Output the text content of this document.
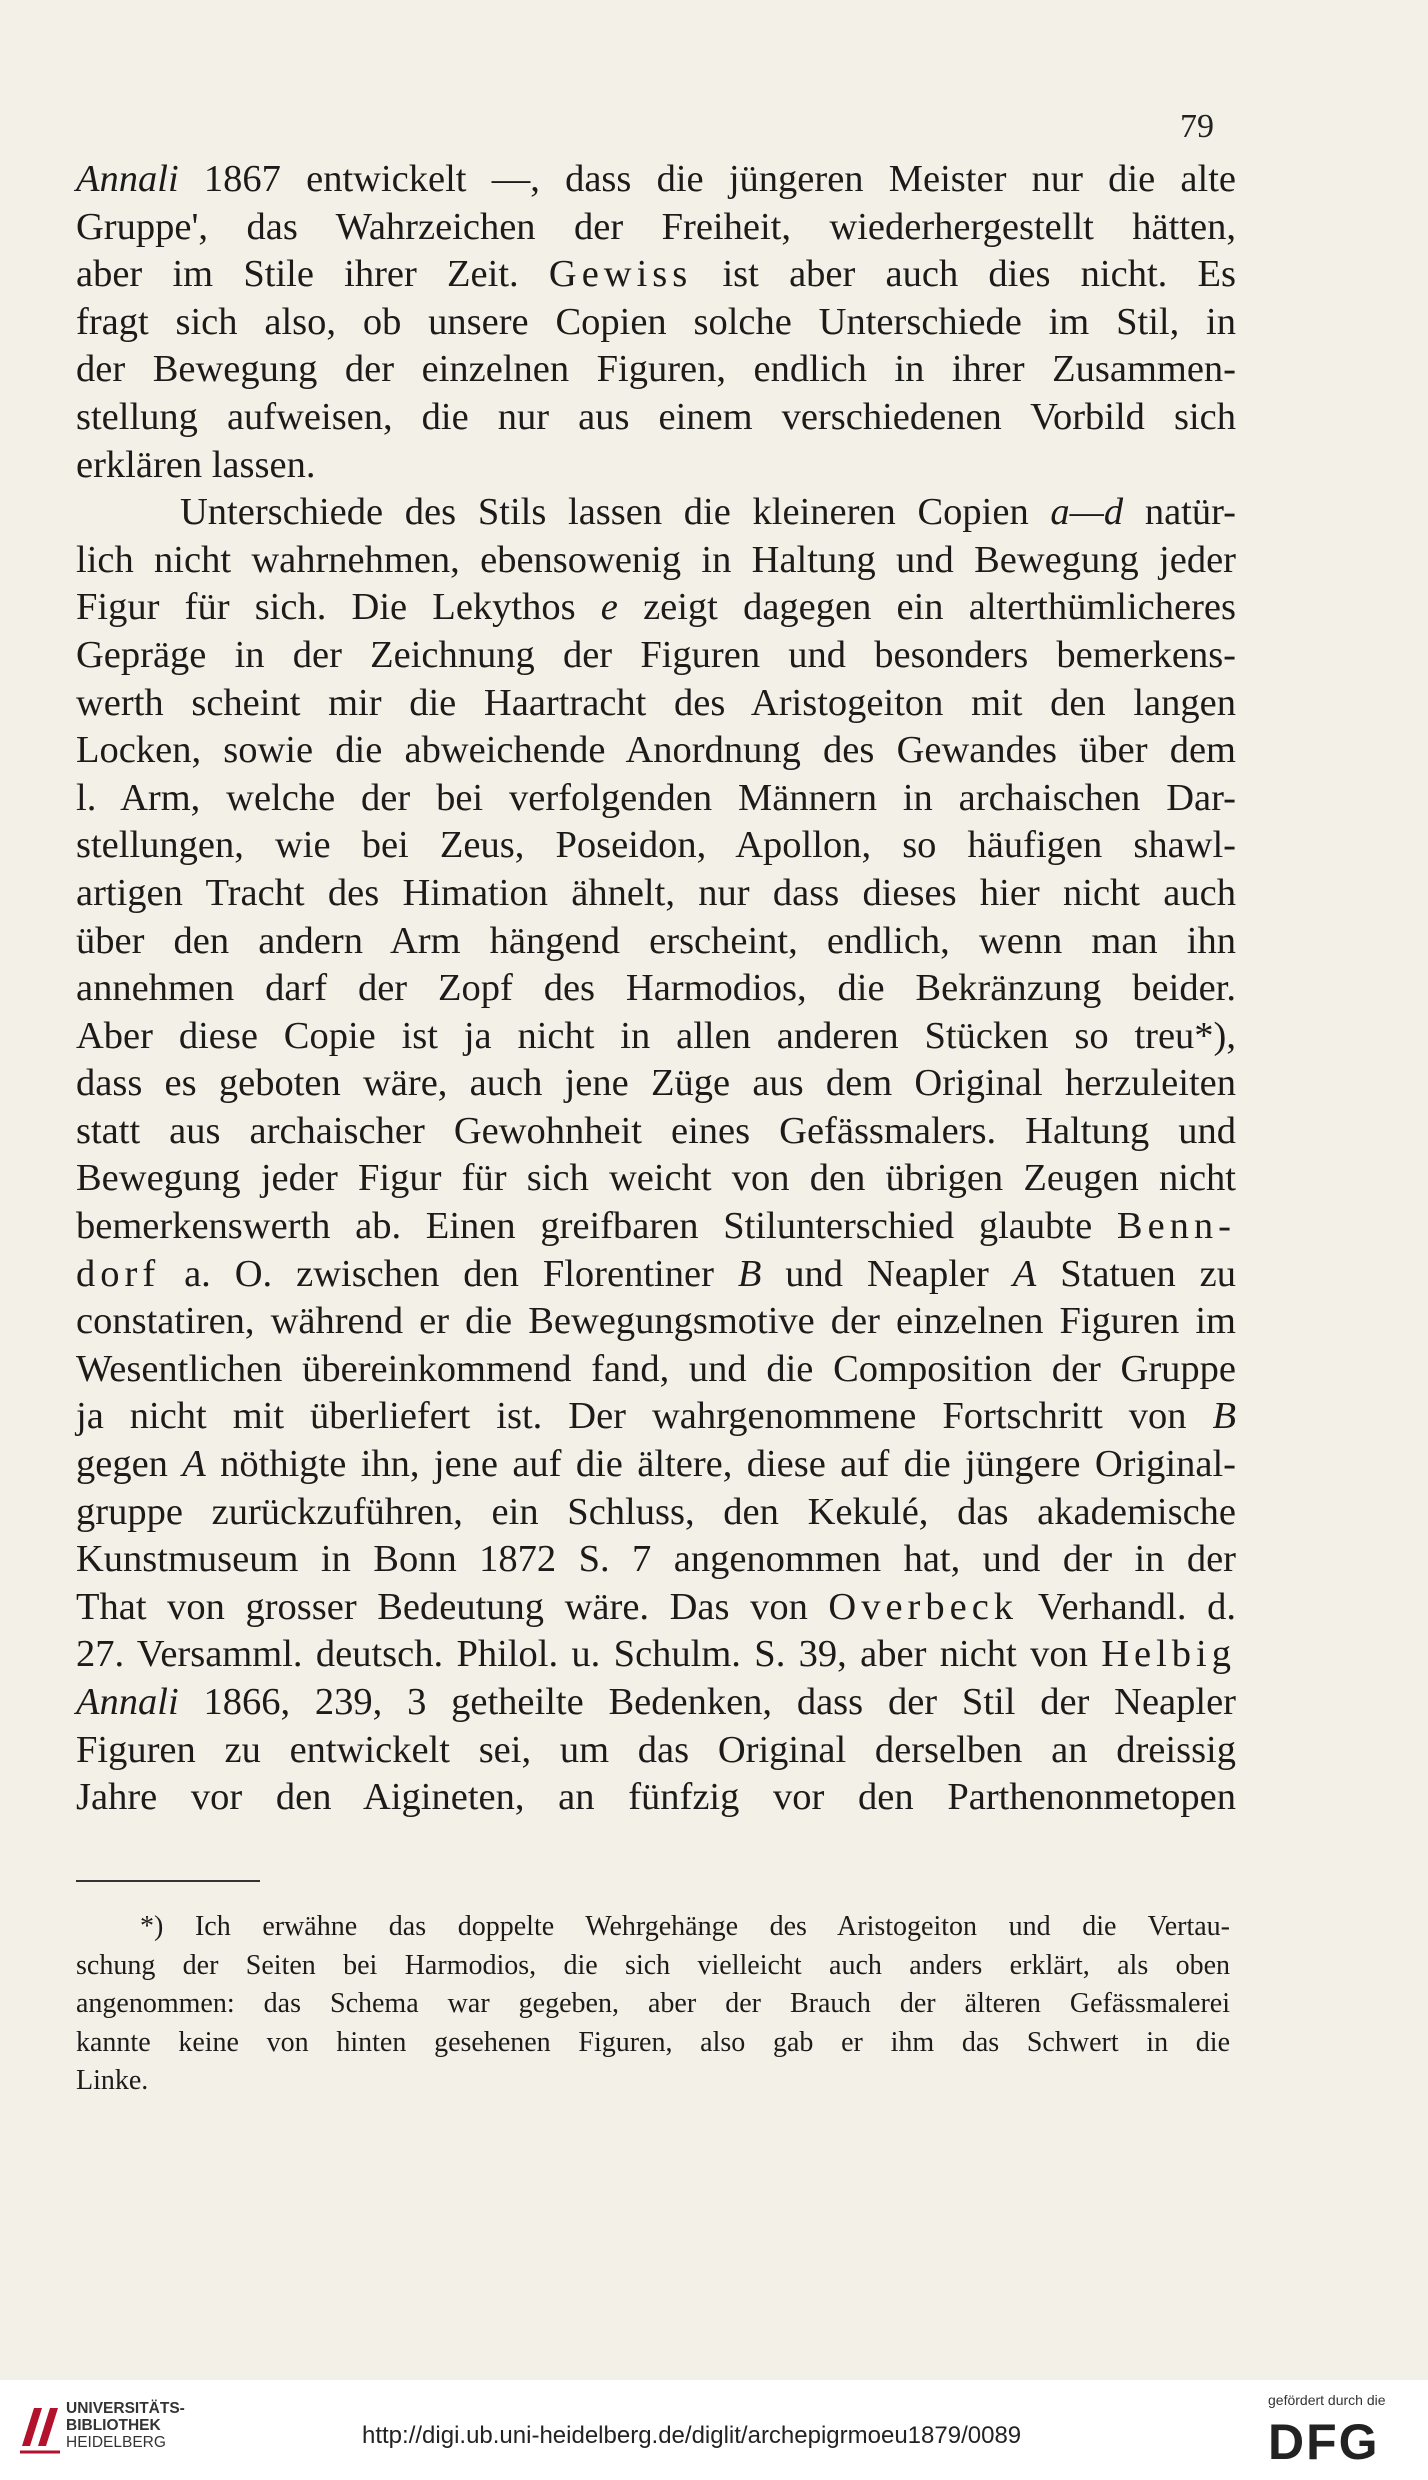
79
Annali 1867 entwickelt —, dass die jüngeren Meister nur die alte
Gruppe', das Wahrzeichen der Freiheit, wiederhergestellt hätten,
aber im Stile ihrer Zeit. Gewiss ist aber auch dies nicht. Es
fragt sich also, ob unsere Copien solche Unterschiede im Stil, in
der Bewegung der einzelnen Figuren, endlich in ihrer Zusammen-
stellung aufweisen, die nur aus einem verschiedenen Vorbild sich
erklären lassen.
Unterschiede des Stils lassen die kleineren Copien a—d natür-
lich nicht wahrnehmen, ebensowenig in Haltung und Bewegung jeder
Figur für sich. Die Lekythos e zeigt dagegen ein alterthümlicheres
Gepräge in der Zeichnung der Figuren und besonders bemerkens-
werth scheint mir die Haartracht des Aristogeiton mit den langen
Locken, sowie die abweichende Anordnung des Gewandes über dem
l. Arm, welche der bei verfolgenden Männern in archaischen Dar-
stellungen, wie bei Zeus, Poseidon, Apollon, so häufigen shawl-
artigen Tracht des Himation ähnelt, nur dass dieses hier nicht auch
über den andern Arm hängend erscheint, endlich, wenn man ihn
annehmen darf der Zopf des Harmodios, die Bekränzung beider.
Aber diese Copie ist ja nicht in allen anderen Stücken so treu*),
dass es geboten wäre, auch jene Züge aus dem Original herzuleiten
statt aus archaischer Gewohnheit eines Gefässmalers. Haltung und
Bewegung jeder Figur für sich weicht von den übrigen Zeugen nicht
bemerkenswerth ab. Einen greifbaren Stilunterschied glaubte Benn-
dorf a. O. zwischen den Florentiner B und Neapler A Statuen zu
constatiren, während er die Bewegungsmotive der einzelnen Figuren im
Wesentlichen übereinkommend fand, und die Composition der Gruppe
ja nicht mit überliefert ist. Der wahrgenommene Fortschritt von B
gegen A nöthigte ihn, jene auf die ältere, diese auf die jüngere Original-
gruppe zurückzuführen, ein Schluss, den Kekulé, das akademische
Kunstmuseum in Bonn 1872 S. 7 angenommen hat, und der in der
That von grosser Bedeutung wäre. Das von Overbeck Verhandl. d.
27. Versamml. deutsch. Philol. u. Schulm. S. 39, aber nicht von Helbig
Annali 1866, 239, 3 getheilte Bedenken, dass der Stil der Neapler
Figuren zu entwickelt sei, um das Original derselben an dreissig
Jahre vor den Aigineten, an fünfzig vor den Parthenonmetopen
*) Ich erwähne das doppelte Wehrgehänge des Aristogeiton und die Vertau-
schung der Seiten bei Harmodios, die sich vielleicht auch anders erklärt, als oben
angenommen: das Schema war gegeben, aber der Brauch der älteren Gefässmalerei
kannte keine von hinten gesehenen Figuren, also gab er ihm das Schwert in die
Linke.
UNIVERSITÄTS-
BIBLIOTHEK
HEIDELBERG	http://digi.ub.uni-heidelberg.de/diglit/archepigrmoeu1879/0089
gefördert durch die
DFG
